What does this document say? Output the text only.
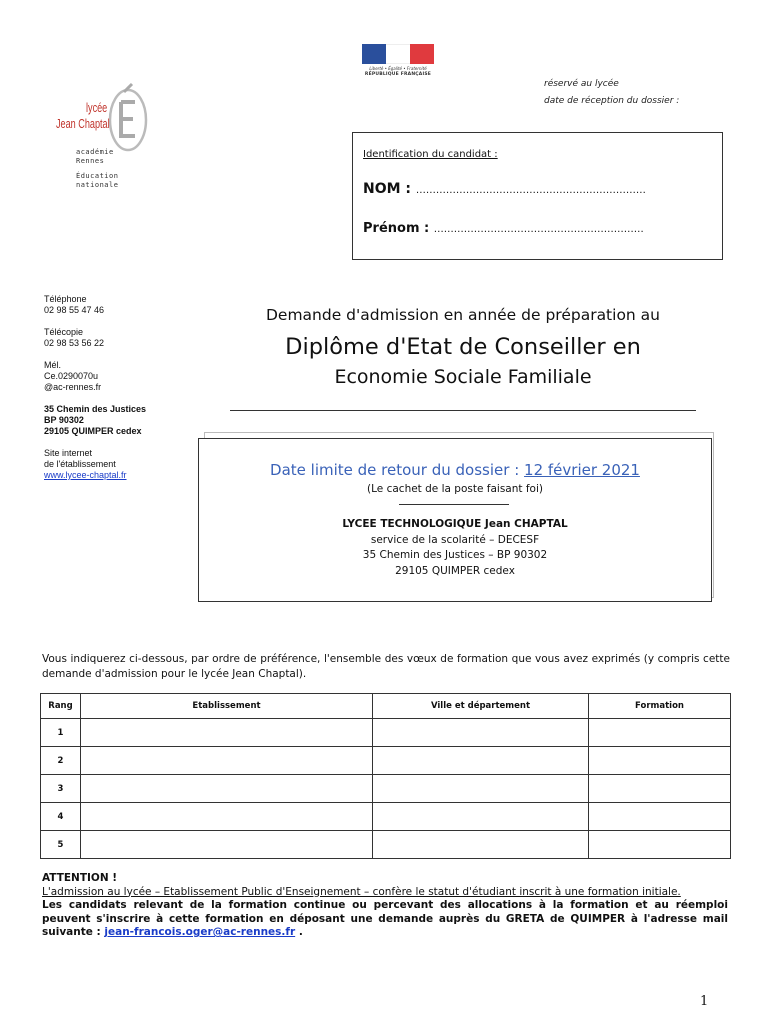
Liberté • Égalité • Fraternité
RÉPUBLIQUE FRANÇAISE
réservé au lycée
date de réception du dossier :
lycée
Jean Chaptal
académie
Rennes
Éducation
nationale
Identification du candidat :
NOM : ……………………………………………………………
Prénom : ………………………………………………………
Téléphone
02 98 55 47 46
Télécopie
02 98 53 56 22
Mél.
Ce.0290070u
@ac-rennes.fr
35 Chemin des Justices
BP 90302
29105 QUIMPER cedex
Site internet
de l'établissement
www.lycee-chaptal.fr
Demande d'admission en année de préparation au
Diplôme d'Etat de Conseiller en
Economie Sociale Familiale
Date limite de retour du dossier : 12 février 2021
(Le cachet de la poste faisant foi)
LYCEE TECHNOLOGIQUE Jean CHAPTAL
service de la scolarité – DECESF
35 Chemin des Justices – BP 90302
29105 QUIMPER cedex
Vous indiquerez ci-dessous, par ordre de préférence, l'ensemble des vœux de formation que vous avez exprimés (y compris cette demande d'admission pour le lycée Jean Chaptal).
Rang	Etablissement	Ville et département	Formation
1			
2			
3			
4			
5			
ATTENTION !
L'admission au lycée – Etablissement Public d'Enseignement – confère le statut d'étudiant inscrit à une formation initiale.
Les candidats relevant de la formation continue ou percevant des allocations à la formation et au réemploi peuvent s'inscrire à cette formation en déposant une demande auprès du GRETA de QUIMPER à l'adresse mail suivante : jean-francois.oger@ac-rennes.fr .
1
